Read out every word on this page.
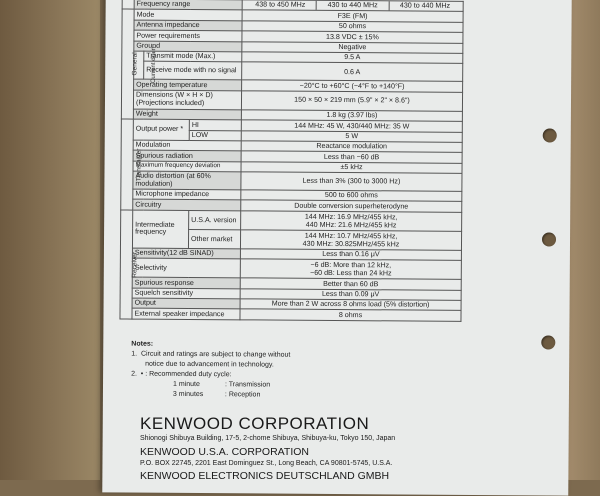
	Frequency range			438 to 450 MHz 430 to 440 MHz 430 to 440 MHz

General	Mode			F3E (FM)
	Antenna impedance			50 ohms
	Power requirements			13.8 VDC ± 15%
	Ground			Negative
	Current drain	Transmit mode (Max.)		9.5 A
		Receive mode with no signal		0.6 A
	Operating temperature			−20°C to +60°C (−4°F to +140°F)
	Dimensions (W × H × D) (Projections included)			150 × 50 × 219 mm (5.9" × 2" × 8.6")
	Weight			1.8 kg (3.97 lbs)
Transmitter	Output power *		HI	144 MHz: 45 W, 430/440 MHz: 35 W
			LOW	5 W
	Modulation			Reactance modulation
	Spurious radiation			Less than −60 dB
	Maximum frequency deviation			±5 kHz
	Audio distortion (at 60% modulation)			Less than 3% (300 to 3000 Hz)
	Microphone impedance			500 to 600 ohms
	Circuitry			Double conversion superheterodyne
Receiver	Intermediate frequency		U.S.A. version	144 MHz: 16.9 MHz/455 kHz,
440 MHz: 21.6 MHz/455 kHz

			Other market	144 MHz: 10.7 MHz/455 kHz,
430 MHz: 30.825MHz/455 kHz

	Sensitivity(12 dB SINAD)			Less than 0.16 μV
	Selectivity			−6 dB: More than 12 kHz,
−60 dB: Less than 24 kHz

	Spurious response			Better than 60 dB
	Squelch sensitivity			Less than 0.09 μV
	Output			More than 2 W across 8 ohms load (5% distortion)
	External speaker impedance			8 ohms
Notes:
1. Circuit and ratings are subject to change without
notice due to advancement in technology.
2. • : Recommended duty cycle:
1 minute	: Transmission
3 minutes	: Reception
KENWOOD CORPORATION
Shionogi Shibuya Building, 17-5, 2-chome Shibuya, Shibuya-ku, Tokyo 150, Japan
KENWOOD U.S.A. CORPORATION
P.O. BOX 22745, 2201 East Dominguez St., Long Beach, CA 90801-5745, U.S.A.
KENWOOD ELECTRONICS DEUTSCHLAND GMBH
